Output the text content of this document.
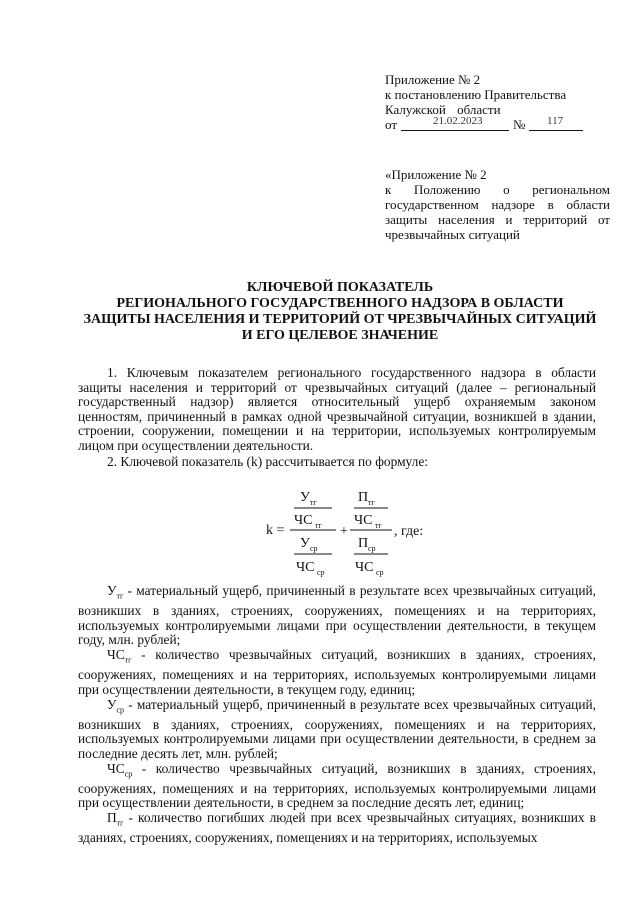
Приложение № 2
к постановлению Правительства
Калужской области
от	21.02.2023 № 117
«Приложение № 2
к Положению о региональном государственном надзоре в области защиты населения и территорий от чрезвычайных ситуаций
КЛЮЧЕВОЙ ПОКАЗАТЕЛЬ
РЕГИОНАЛЬНОГО ГОСУДАРСТВЕННОГО НАДЗОРА В ОБЛАСТИ
ЗАЩИТЫ НАСЕЛЕНИЯ И ТЕРРИТОРИЙ ОТ ЧРЕЗВЫЧАЙНЫХ СИТУАЦИЙ
И ЕГО ЦЕЛЕВОЕ ЗНАЧЕНИЕ
1. Ключевым показателем регионального государственного надзора в области защиты населения и территорий от чрезвычайных ситуаций (далее – региональный государственный надзор) является относительный ущерб охраняемым законом ценностям, причиненный в рамках одной чрезвычайной ситуации, возникшей в здании, строении, сооружении, помещении и на территории, используемых контролируемым лицом при осуществлении деятельности.
2. Ключевой показатель (k) рассчитывается по формуле:
k =
У тг
ЧС тг
У ср
ЧС ср
+
П тг
ЧС тг
П ср
ЧС ср
, где:

$У_{тг}$ - материальный ущерб, причиненный в результате всех чрезвычайных ситуаций, возникших в зданиях, строениях, сооружениях, помещениях и на территориях, используемых контролируемыми лицами при осуществлении деятельности, в текущем году, млн. рублей;

$ЧС_{тг}$ - количество чрезвычайных ситуаций, возникших в зданиях, строениях, сооружениях, помещениях и на территориях, используемых контролируемыми лицами при осуществлении деятельности, в текущем году, единиц;

$У_{ср}$ - материальный ущерб, причиненный в результате всех чрезвычайных ситуаций, возникших в зданиях, строениях, сооружениях, помещениях и на территориях, используемых контролируемыми лицами при осуществлении деятельности, в среднем за последние десять лет, млн. рублей;

$ЧС_{ср}$ - количество чрезвычайных ситуаций, возникших в зданиях, строениях, сооружениях, помещениях и на территориях, используемых контролируемыми лицами при осуществлении деятельности, в среднем за последние десять лет, единиц;

$П_{тг}$ - количество погибших людей при всех чрезвычайных ситуациях, возникших в зданиях, строениях, сооружениях, помещениях и на территориях, используемых
